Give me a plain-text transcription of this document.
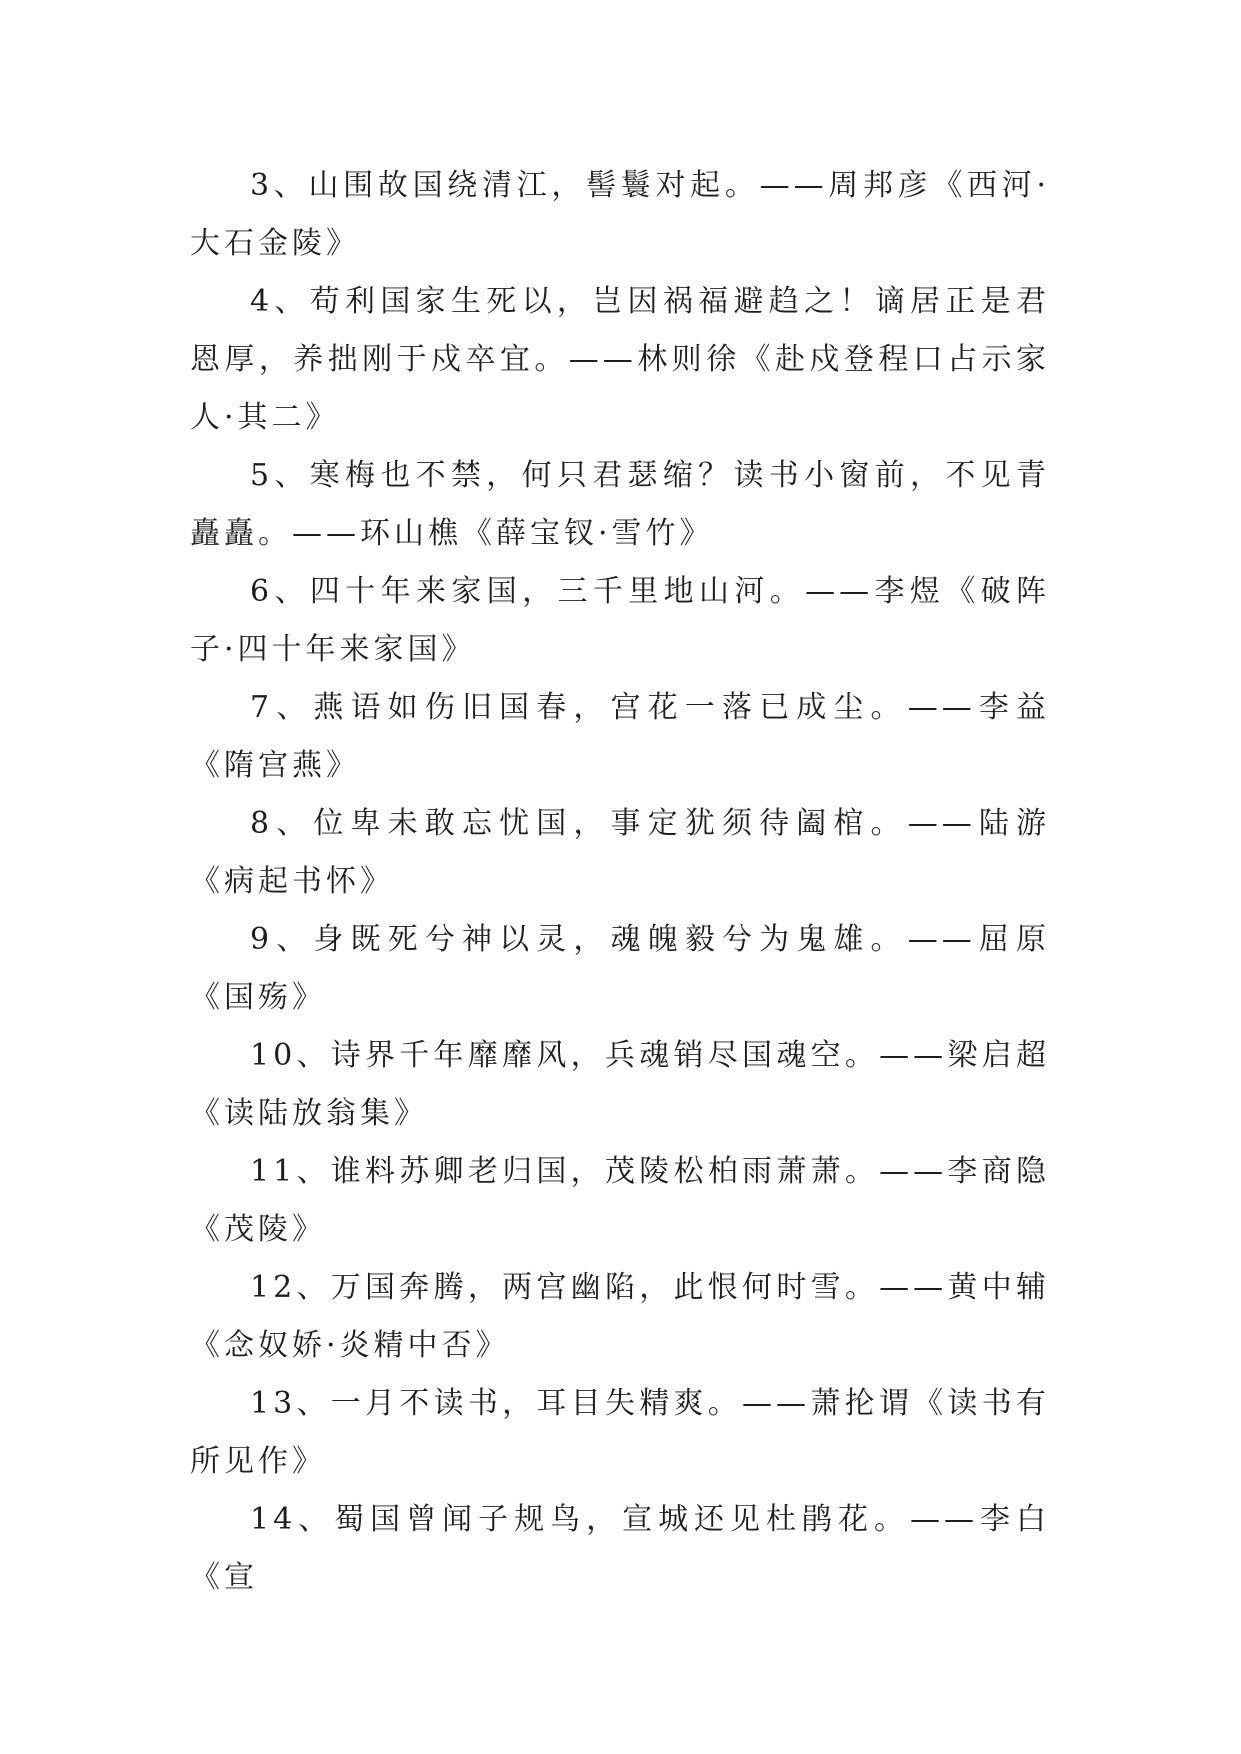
3、山围故国绕清江，髻鬟对起。——周邦彦《西河·大石金陵》

4、苟利国家生死以，岂因祸福避趋之！谪居正是君恩厚，养拙刚于戍卒宜。——林则徐《赴戍登程口占示家人·其二》

5、寒梅也不禁，何只君瑟缩？读书小窗前，不见青矗矗。——环山樵《薛宝钗·雪竹》

6、四十年来家国，三千里地山河。——李煜《破阵子·四十年来家国》

7、燕语如伤旧国春，宫花一落已成尘。——李益《隋宫燕》

8、位卑未敢忘忧国，事定犹须待阖棺。——陆游《病起书怀》

9、身既死兮神以灵，魂魄毅兮为鬼雄。——屈原《国殇》

10、诗界千年靡靡风，兵魂销尽国魂空。——梁启超《读陆放翁集》

11、谁料苏卿老归国，茂陵松柏雨萧萧。——李商隐《茂陵》

12、万国奔腾，两宫幽陷，此恨何时雪。——黄中辅《念奴娇·炎精中否》

13、一月不读书，耳目失精爽。——萧抡谓《读书有所见作》

14、蜀国曾闻子规鸟，宣城还见杜鹃花。——李白《宣
